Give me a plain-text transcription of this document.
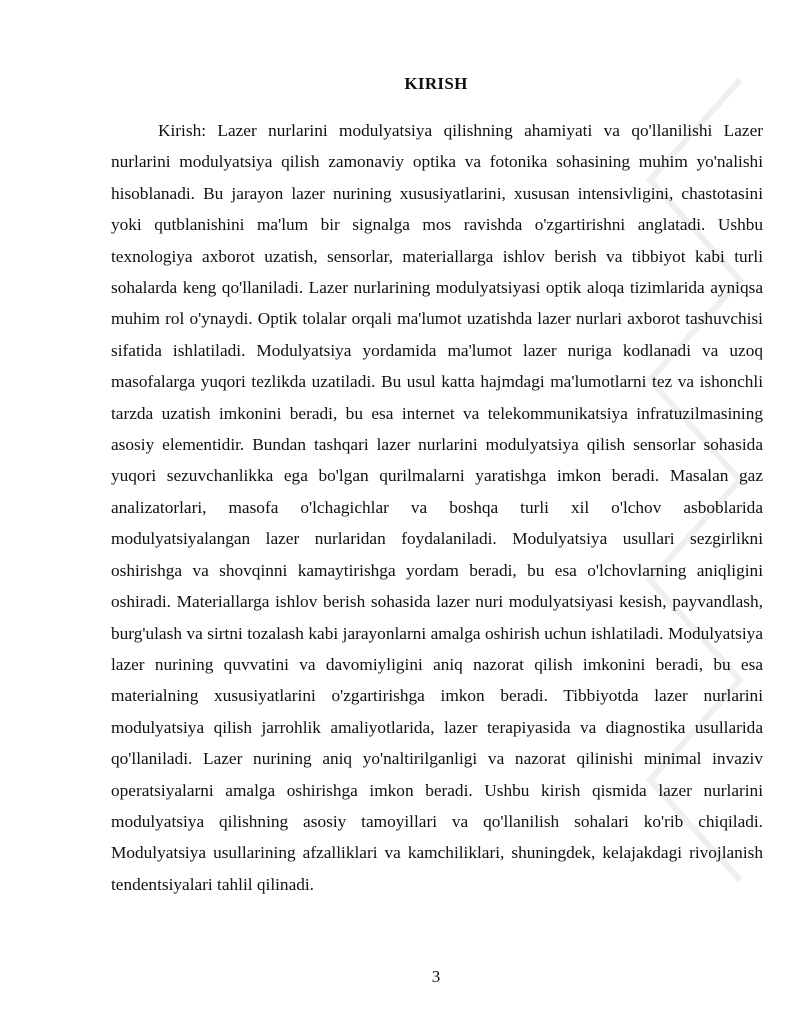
KIRISH

Kirish: Lazer nurlarini modulyatsiya qilishning ahamiyati va qo'llanilishi Lazer nurlarini modulyatsiya qilish zamonaviy optika va fotonika sohasining muhim yo'nalishi hisoblanadi. Bu jarayon lazer nurining xususiyatlarini, xususan intensivligini, chastotasini yoki qutblanishini ma'lum bir signalga mos ravishda o'zgartirishni anglatadi. Ushbu texnologiya axborot uzatish, sensorlar, materiallarga ishlov berish va tibbiyot kabi turli sohalarda keng qo'llaniladi. Lazer nurlarining modulyatsiyasi optik aloqa tizimlarida ayniqsa muhim rol o'ynaydi. Optik tolalar orqali ma'lumot uzatishda lazer nurlari axborot tashuvchisi sifatida ishlatiladi. Modulyatsiya yordamida ma'lumot lazer nuriga kodlanadi va uzoq masofalarga yuqori tezlikda uzatiladi. Bu usul katta hajmdagi ma'lumotlarni tez va ishonchli tarzda uzatish imkonini beradi, bu esa internet va telekommunikatsiya infratuzilmasining asosiy elementidir. Bundan tashqari lazer nurlarini modulyatsiya qilish sensorlar sohasida yuqori sezuvchanlikka ega bo'lgan qurilmalarni yaratishga imkon beradi. Masalan gaz analizatorlari, masofa o'lchagichlar va boshqa turli xil o'lchov asboblarida modulyatsiyalangan lazer nurlaridan foydalaniladi. Modulyatsiya usullari sezgirlikni oshirishga va shovqinni kamaytirishga yordam beradi, bu esa o'lchovlarning aniqligini oshiradi. Materiallarga ishlov berish sohasida lazer nuri modulyatsiyasi kesish, payvandlash, burg'ulash va sirtni tozalash kabi jarayonlarni amalga oshirish uchun ishlatiladi. Modulyatsiya lazer nurining quvvatini va davomiyligini aniq nazorat qilish imkonini beradi, bu esa materialning xususiyatlarini o'zgartirishga imkon beradi. Tibbiyotda lazer nurlarini modulyatsiya qilish jarrohlik amaliyotlarida, lazer terapiyasida va diagnostika usullarida qo'llaniladi. Lazer nurining aniq yo'naltirilganligi va nazorat qilinishi minimal invaziv operatsiyalarni amalga oshirishga imkon beradi. Ushbu kirish qismida lazer nurlarini modulyatsiya qilishning asosiy tamoyillari va qo'llanilish sohalari ko'rib chiqiladi. Modulyatsiya usullarining afzalliklari va kamchiliklari, shuningdek, kelajakdagi rivojlanish tendentsiyalari tahlil qilinadi.

3
